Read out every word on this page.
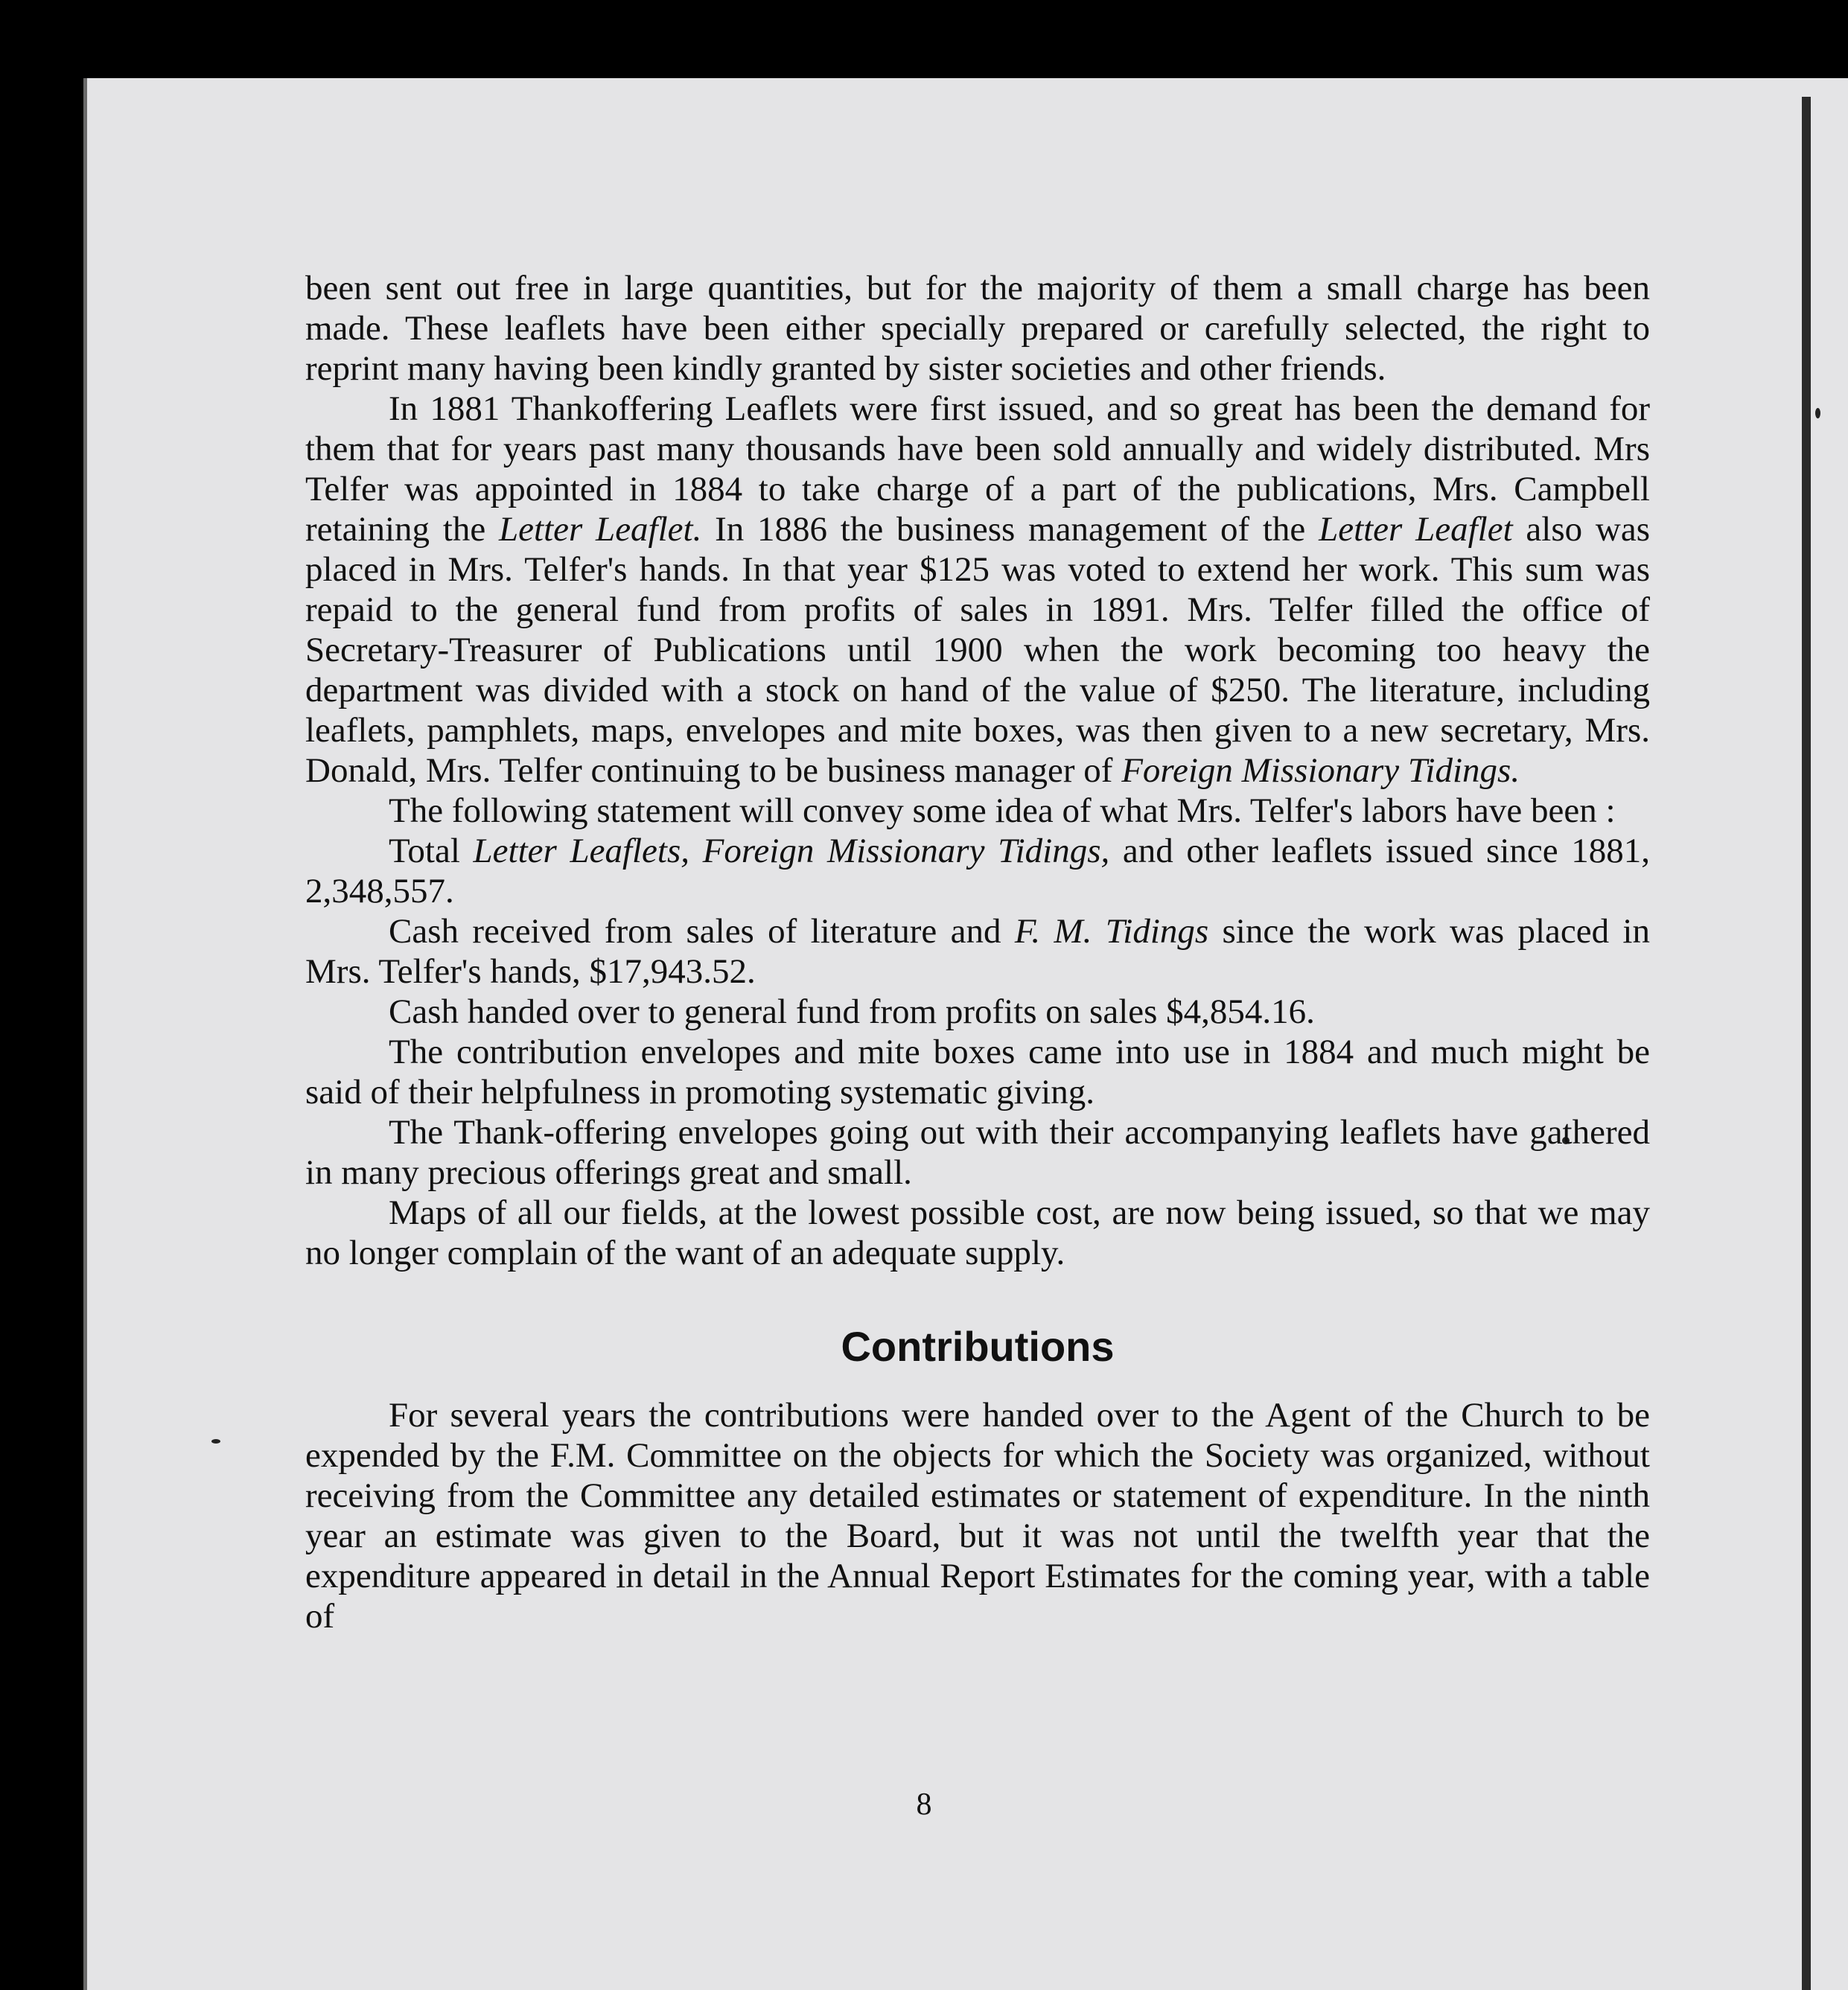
been sent out free in large quantities, but for the majority of them a small charge has been made. These leaflets have been either specially prepared or carefully selected, the right to reprint many having been kindly granted by sister societies and other friends.

In 1881 Thankoffering Leaflets were first issued, and so great has been the demand for them that for years past many thousands have been sold annually and widely distributed. Mrs Telfer was appointed in 1884 to take charge of a part of the publications, Mrs. Campbell retaining the Letter Leaflet. In 1886 the business management of the Letter Leaflet also was placed in Mrs. Telfer's hands. In that year $125 was voted to extend her work. This sum was repaid to the general fund from profits of sales in 1891. Mrs. Telfer filled the office of Secretary-Treasurer of Publications until 1900 when the work becoming too heavy the department was divided with a stock on hand of the value of $250. The literature, including leaflets, pamphlets, maps, envelopes and mite boxes, was then given to a new secretary, Mrs. Donald, Mrs. Telfer continuing to be business manager of Foreign Missionary Tidings.

The following statement will convey some idea of what Mrs. Telfer's labors have been :

Total Letter Leaflets, Foreign Missionary Tidings, and other leaflets issued since 1881, 2,348,557.

Cash received from sales of literature and F. M. Tidings since the work was placed in Mrs. Telfer's hands, $17,943.52.

Cash handed over to general fund from profits on sales $4,854.16.

The contribution envelopes and mite boxes came into use in 1884 and much might be said of their helpfulness in promoting systematic giving.

The Thank-offering envelopes going out with their accompanying leaflets have gathered in many precious offerings great and small.

Maps of all our fields, at the lowest possible cost, are now being issued, so that we may no longer complain of the want of an adequate supply.

Contributions

For several years the contributions were handed over to the Agent of the Church to be expended by the F.M. Committee on the objects for which the Society was organized, without receiving from the Committee any detailed estimates or statement of expenditure. In the ninth year an estimate was given to the Board, but it was not until the twelfth year that the expenditure appeared in detail in the Annual Report Estimates for the coming year, with a table of

8
